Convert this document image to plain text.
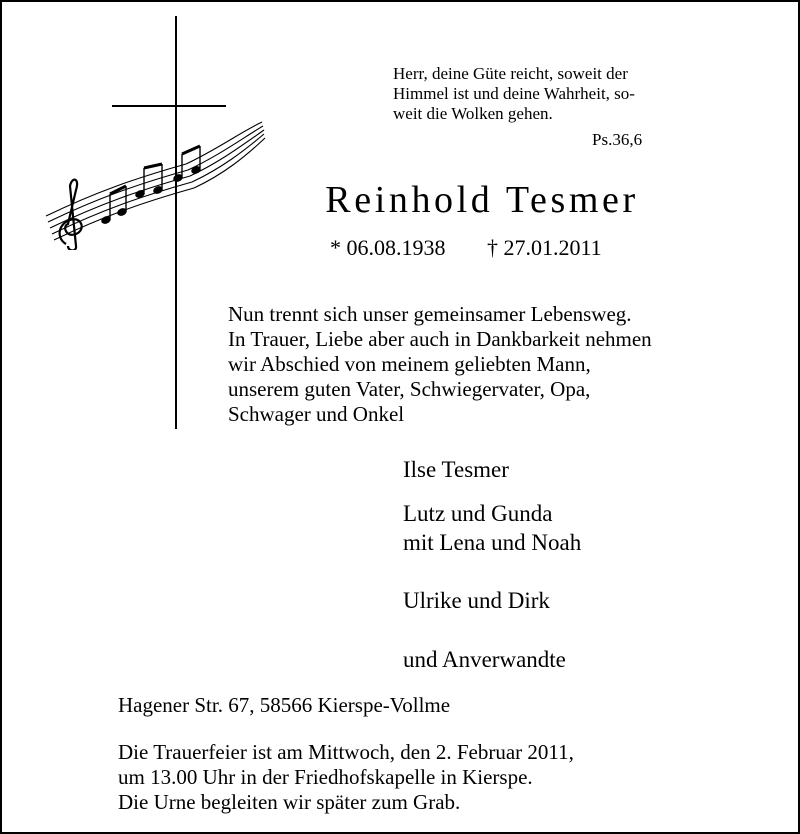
Herr, deine Güte reicht, soweit der

Himmel ist und deine Wahrheit, so-

weit die Wolken gehen.

Ps.36,6
Reinhold Tesmer
* 06.08.1938 † 27.01.2011

Nun trennt sich unser gemeinsamer Lebensweg.

In Trauer, Liebe aber auch in Dankbarkeit nehmen

wir Abschied von meinem geliebten Mann,

unserem guten Vater, Schwiegervater, Opa,

Schwager und Onkel

Ilse Tesmer

Lutz und Gunda

mit Lena und Noah

Ulrike und Dirk

und Anverwandte

Hagener Str. 67, 58566 Kierspe-Vollme

Die Trauerfeier ist am Mittwoch, den 2. Februar 2011,

um 13.00 Uhr in der Friedhofskapelle in Kierspe.

Die Urne begleiten wir später zum Grab.
